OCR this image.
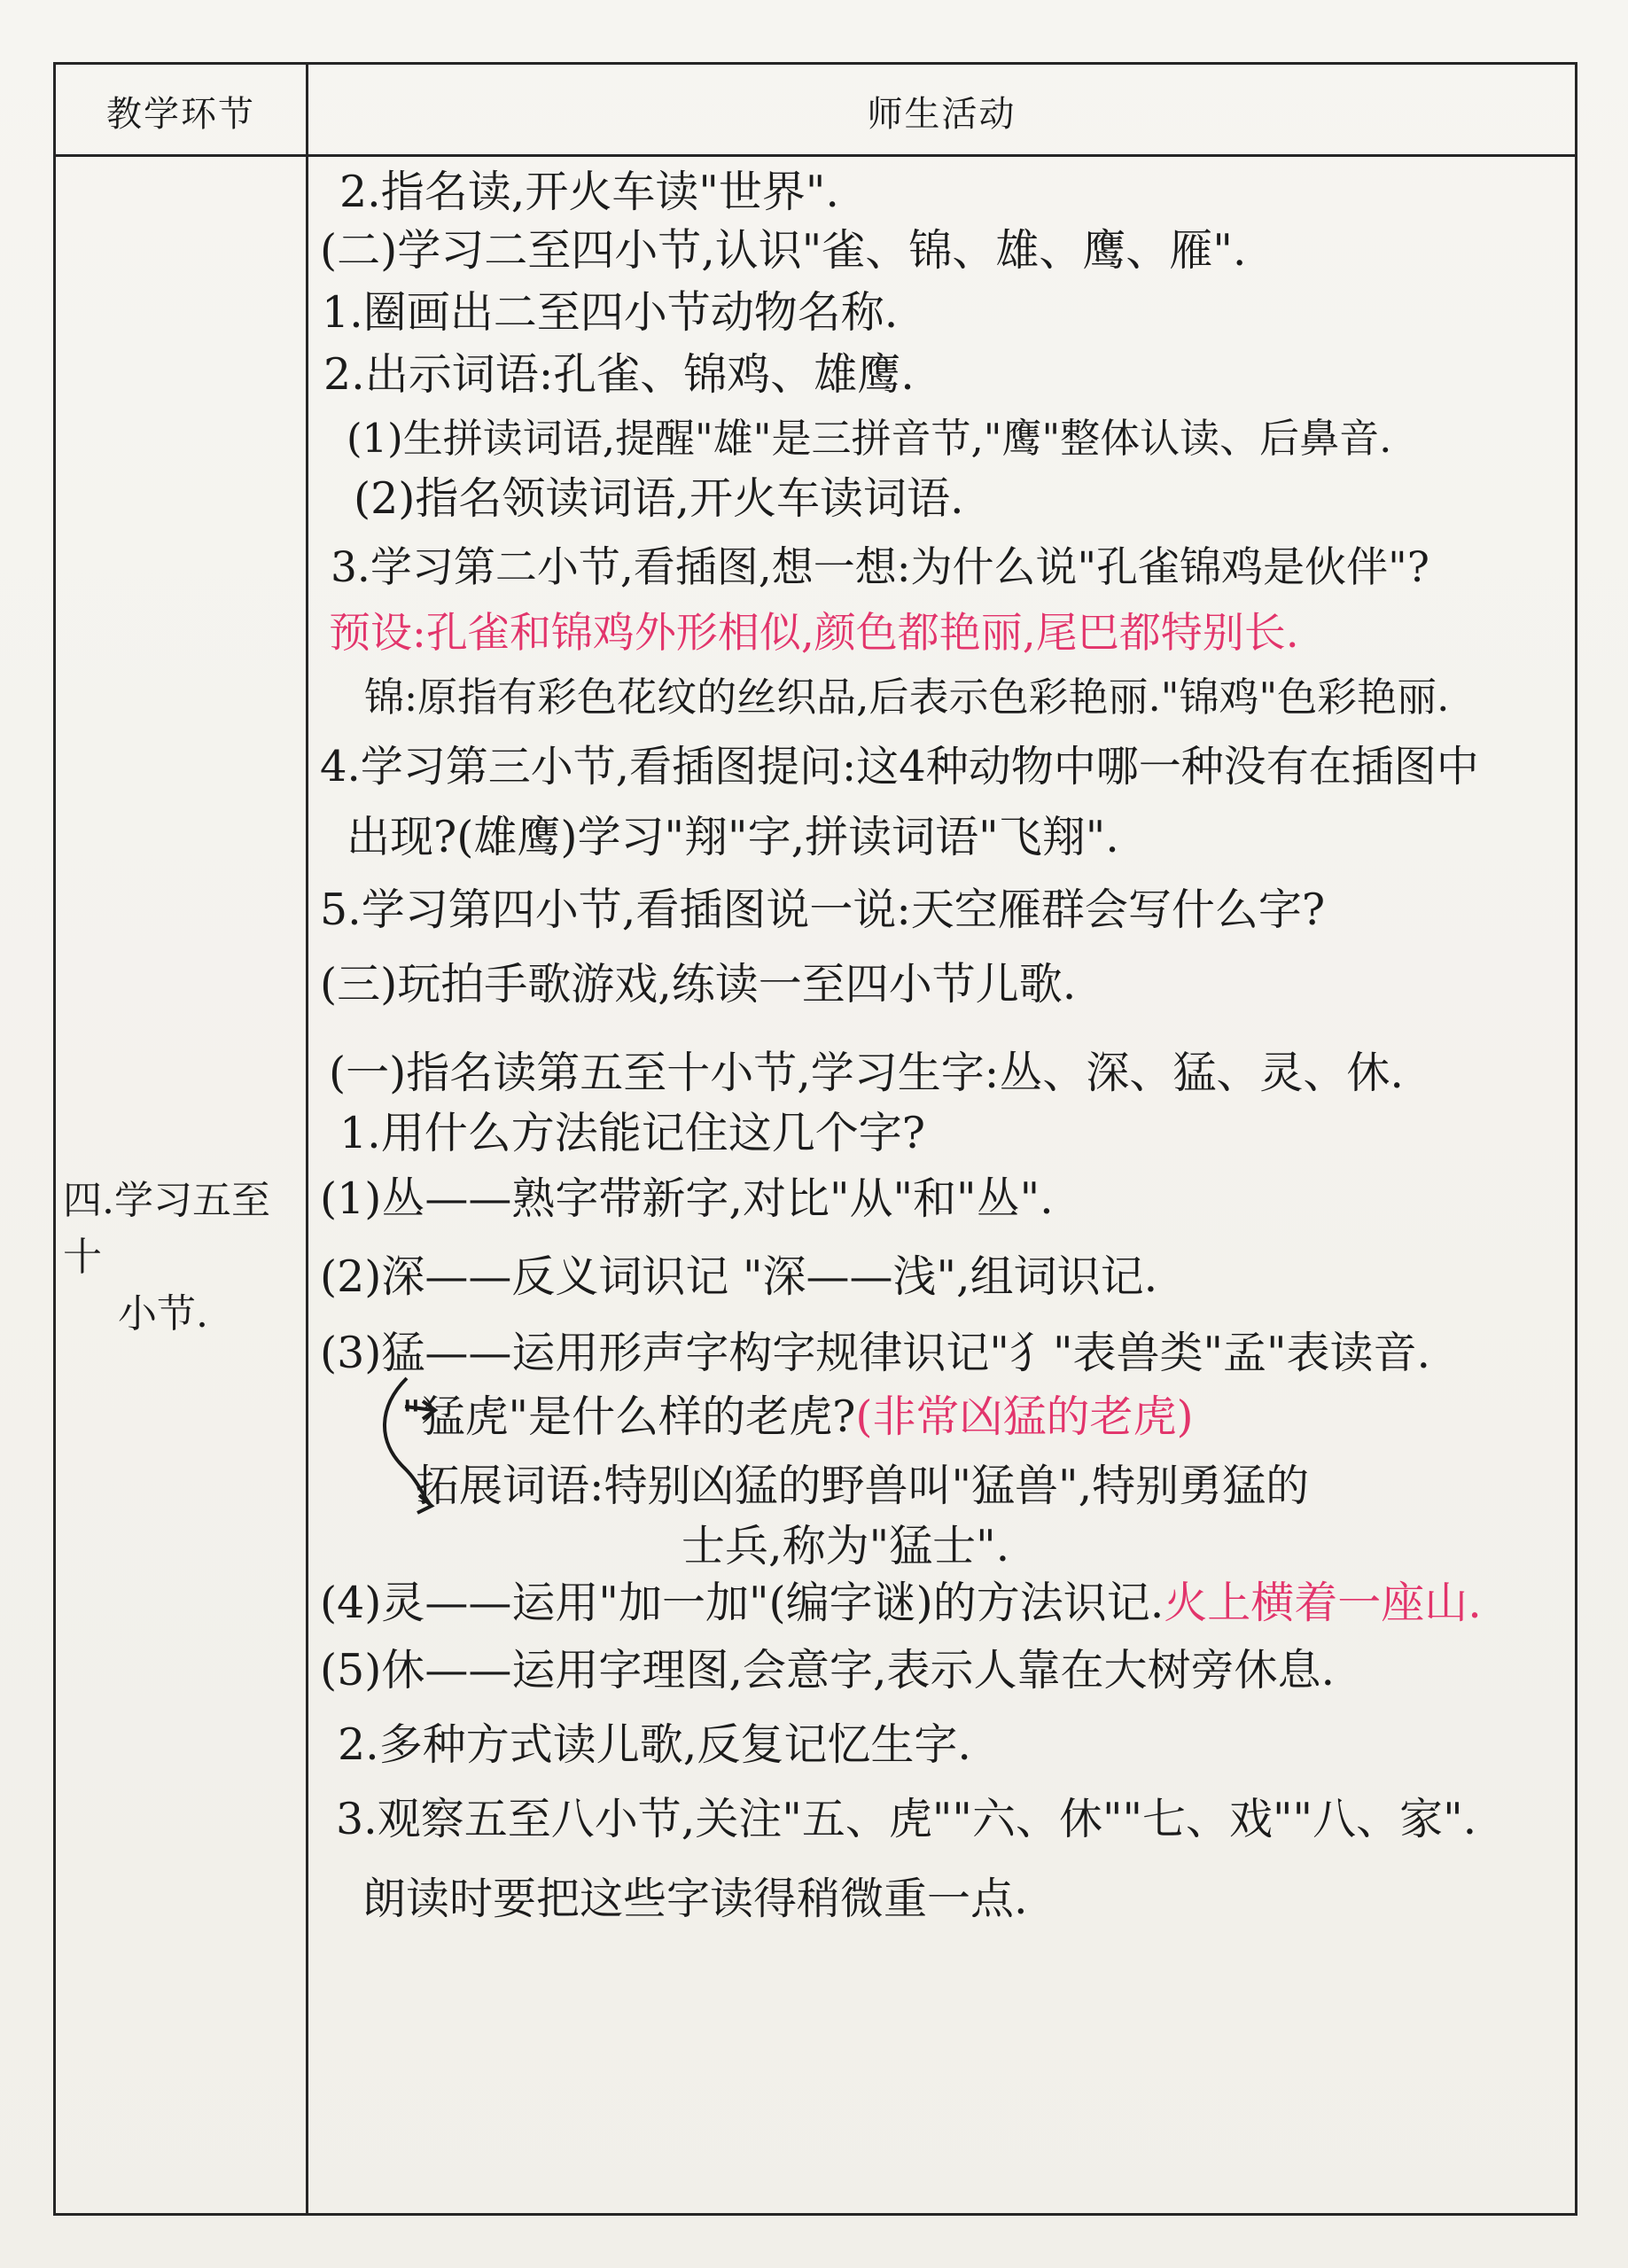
教学环节	师生活动
四.学习五至十
小节.
2.指名读,开火车读"世界".
(二)学习二至四小节,认识"雀、锦、雄、鹰、雁".
1.圈画出二至四小节动物名称.
2.出示词语:孔雀、锦鸡、雄鹰.
(1)生拼读词语,提醒"雄"是三拼音节,"鹰"整体认读、后鼻音.
(2)指名领读词语,开火车读词语.
3.学习第二小节,看插图,想一想:为什么说"孔雀锦鸡是伙伴"?
预设:孔雀和锦鸡外形相似,颜色都艳丽,尾巴都特别长.
锦:原指有彩色花纹的丝织品,后表示色彩艳丽."锦鸡"色彩艳丽.
4.学习第三小节,看插图提问:这4种动物中哪一种没有在插图中
出现?(雄鹰)学习"翔"字,拼读词语"飞翔".
5.学习第四小节,看插图说一说:天空雁群会写什么字?
(三)玩拍手歌游戏,练读一至四小节儿歌.
(一)指名读第五至十小节,学习生字:丛、深、猛、灵、休.
1.用什么方法能记住这几个字?
(1)丛——熟字带新字,对比"从"和"丛".
(2)深——反义词识记 "深——浅",组词识记.
(3)猛——运用形声字构字规律识记"犭"表兽类"孟"表读音.
"猛虎"是什么样的老虎?(非常凶猛的老虎)
拓展词语:特别凶猛的野兽叫"猛兽",特别勇猛的
士兵,称为"猛士".
(4)灵——运用"加一加"(编字谜)的方法识记.火上横着一座山.
(5)休——运用字理图,会意字,表示人靠在大树旁休息.
2.多种方式读儿歌,反复记忆生字.
3.观察五至八小节,关注"五、虎""六、休""七、戏""八、家".
朗读时要把这些字读得稍微重一点.
